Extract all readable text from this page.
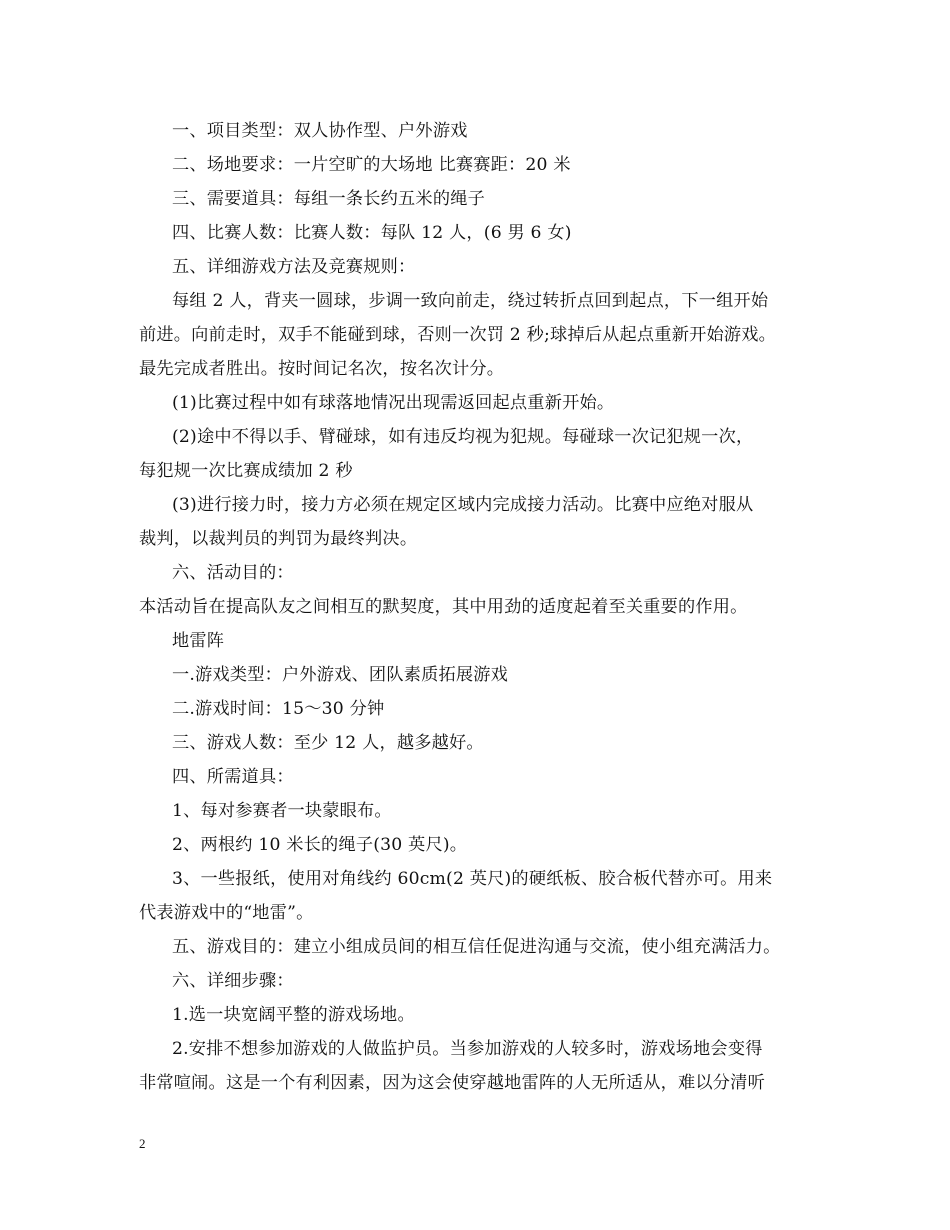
一、项目类型：双人协作型、户外游戏
二、场地要求：一片空旷的大场地 比赛赛距：20 米
三、需要道具：每组一条长约五米的绳子
四、比赛人数：比赛人数：每队 12 人，(6 男 6 女)
五、详细游戏方法及竞赛规则：
每组 2 人，背夹一圆球，步调一致向前走，绕过转折点回到起点，下一组开始
前进。向前走时，双手不能碰到球，否则一次罚 2 秒;球掉后从起点重新开始游戏。
最先完成者胜出。按时间记名次，按名次计分。
(1)比赛过程中如有球落地情况出现需返回起点重新开始。
(2)途中不得以手、臂碰球，如有违反均视为犯规。每碰球一次记犯规一次，
每犯规一次比赛成绩加 2 秒
(3)进行接力时，接力方必须在规定区域内完成接力活动。比赛中应绝对服从
裁判，以裁判员的判罚为最终判决。
六、活动目的：
本活动旨在提高队友之间相互的默契度，其中用劲的适度起着至关重要的作用。
地雷阵
一.游戏类型：户外游戏、团队素质拓展游戏
二.游戏时间：15～30 分钟
三、游戏人数：至少 12 人，越多越好。
四、所需道具：
1、每对参赛者一块蒙眼布。
2、两根约 10 米长的绳子(30 英尺)。
3、一些报纸，使用对角线约 60cm(2 英尺)的硬纸板、胶合板代替亦可。用来
代表游戏中的“地雷”。
五、游戏目的：建立小组成员间的相互信任促进沟通与交流，使小组充满活力。
六、详细步骤：
1.选一块宽阔平整的游戏场地。
2.安排不想参加游戏的人做监护员。当参加游戏的人较多时，游戏场地会变得
非常喧闹。这是一个有利因素，因为这会使穿越地雷阵的人无所适从，难以分清听
2
